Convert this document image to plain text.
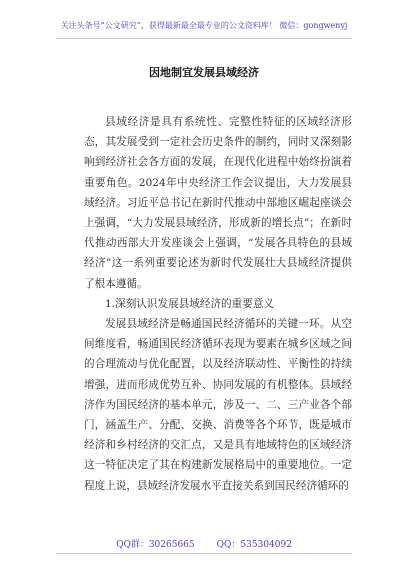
关注头条号“公文研究”，获得最新最全最专业的公文资料库！ 微信：gongwenyj
因地制宜发展县域经济

县域经济是具有系统性、完整性特征的区域经济形态，其发展受到一定社会历史条件的制约，同时又深刻影响到经济社会各方面的发展，在现代化进程中始终扮演着重要角色。2024年中央经济工作会议提出，大力发展县域经济。习近平总书记在新时代推动中部地区崛起座谈会上强调，“大力发展县域经济，形成新的增长点”；在新时代推动西部大开发座谈会上强调，“发展各具特色的县域经济”这一系列重要论述为新时代发展壮大县域经济提供了根本遵循。

1.深刻认识发展县域经济的重要意义

发展县域经济是畅通国民经济循环的关键一环。从空间维度看，畅通国民经济循环表现为要素在城乡区域之间的合理流动与优化配置，以及经济联动性、平衡性的持续增强，进而形成优势互补、协同发展的有机整体。县域经济作为国民经济的基本单元，涉及一、二、三产业各个部门，涵盖生产、分配、交换、消费等各个环节，既是城市经济和乡村经济的交汇点，又是具有地域特色的区域经济这一特征决定了其在构建新发展格局中的重要地位。一定程度上说，县域经济发展水平直接关系到国民经济循环的

QQ群：30265665 QQ：535304092
